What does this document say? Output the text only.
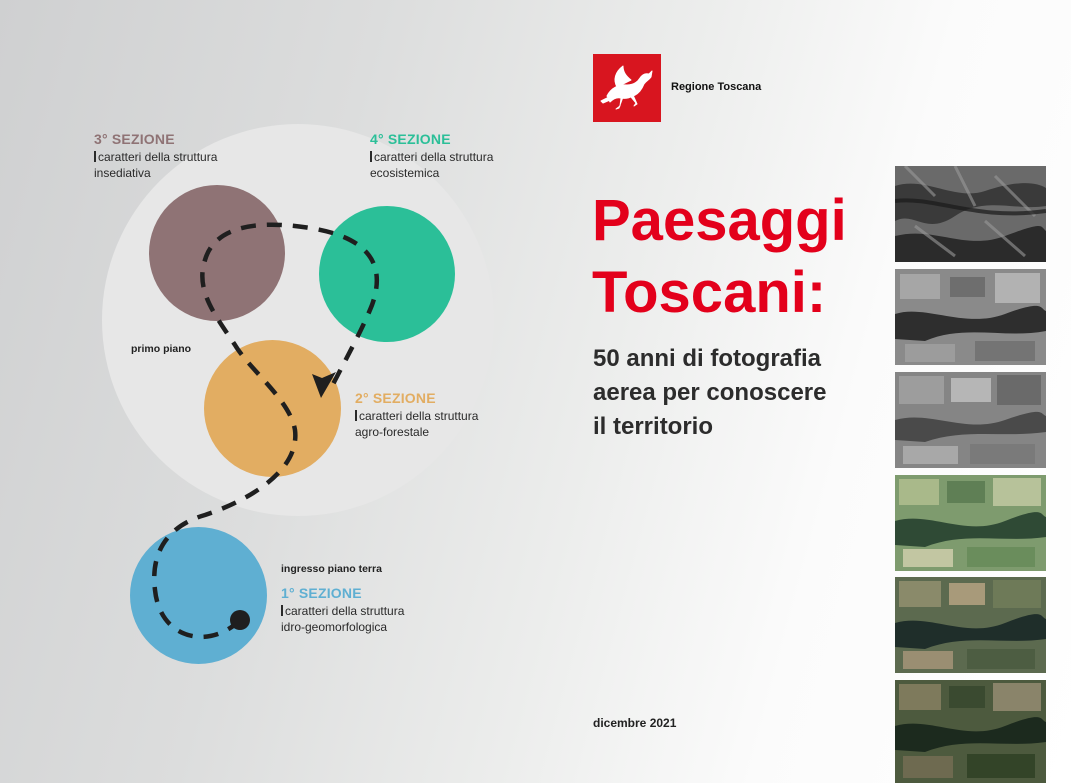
3° SEZIONE
caratteri della struttura
insediativa
4° SEZIONE
caratteri della struttura
ecosistemica
primo piano
2° SEZIONE
caratteri della struttura
agro-forestale
ingresso piano terra
1° SEZIONE
caratteri della struttura
idro-geomorfologica
Regione Toscana
Paesaggi
Toscani:
50 anni di fotografia
aerea per conoscere
il territorio
dicembre 2021
